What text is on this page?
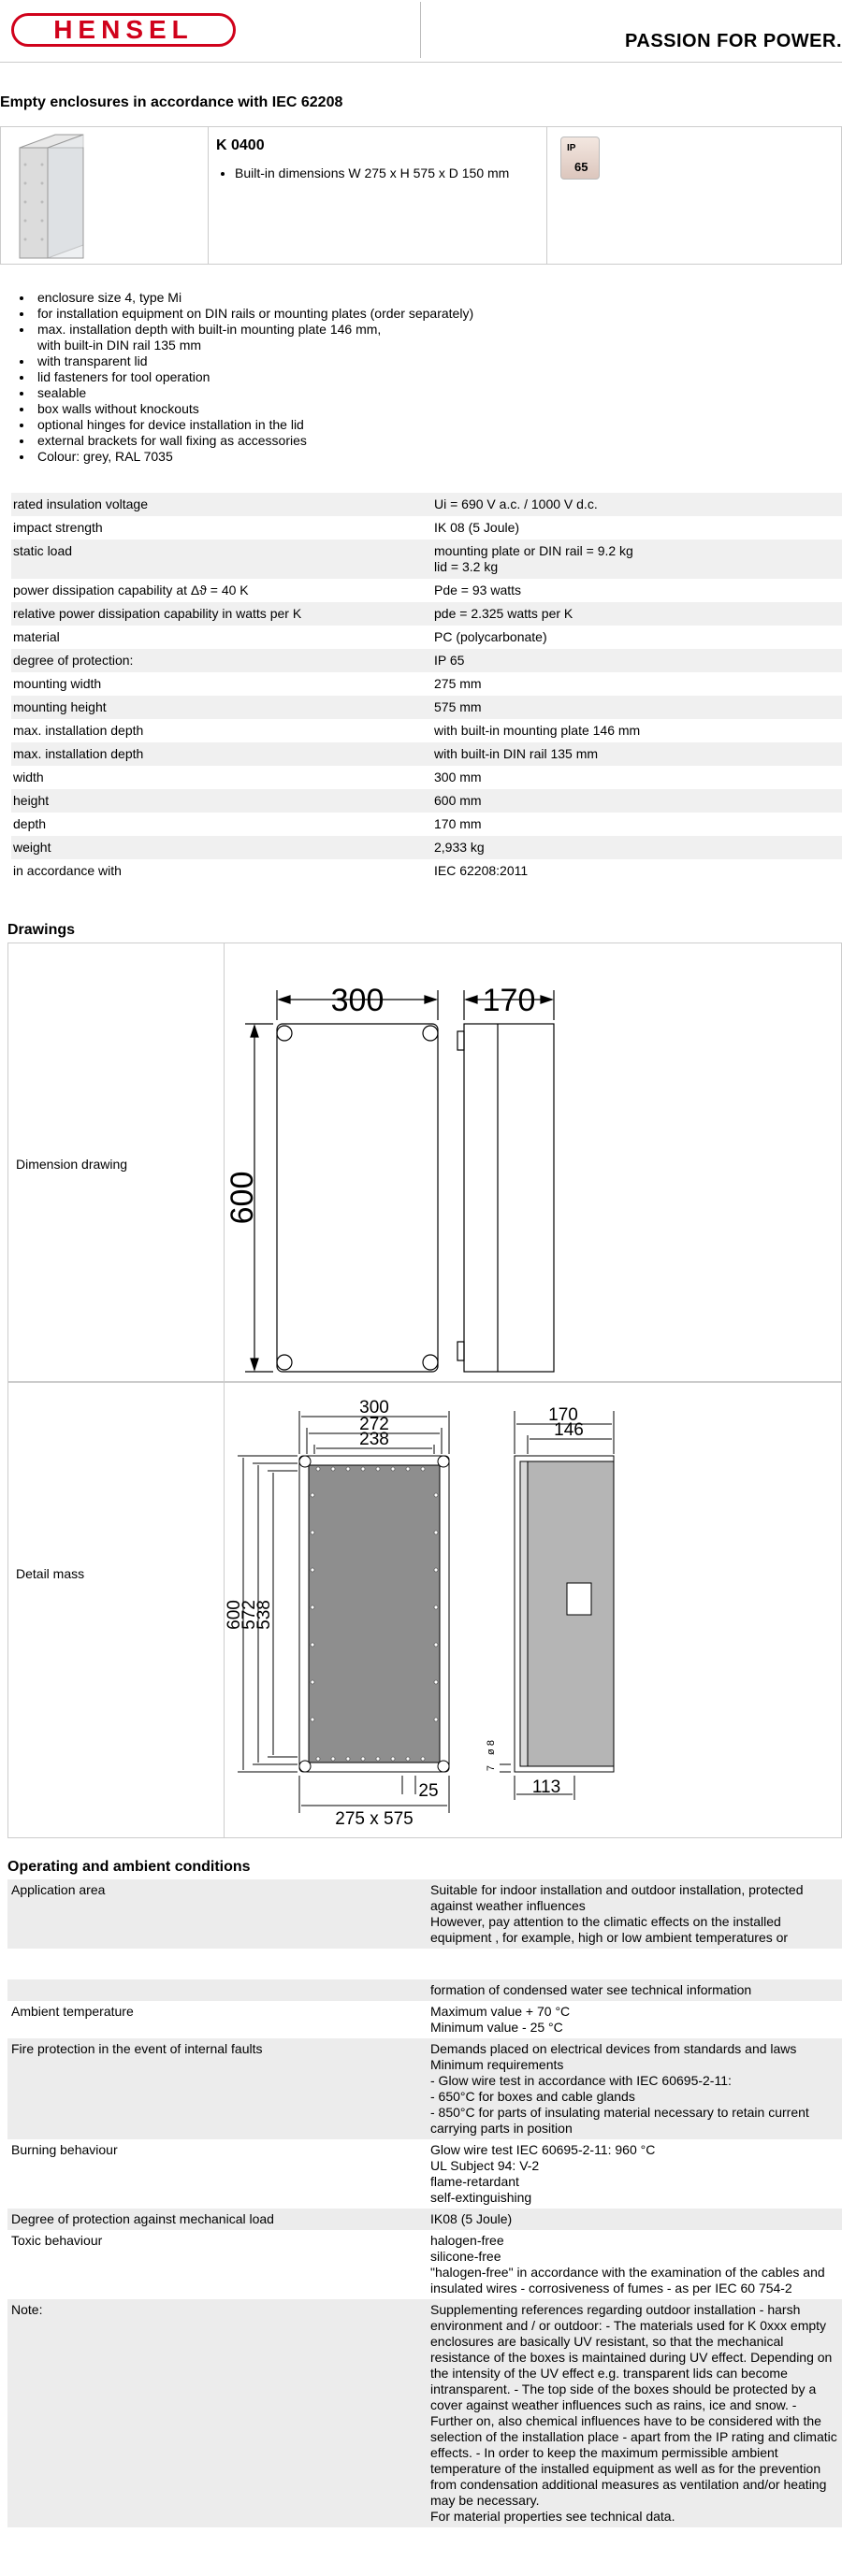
HENSEL	PASSION FOR POWER.
Empty enclosures in accordance with IEC 62208
K 0400
• Built-in dimensions W 275 x H 575 x D 150 mm
IP
65
• enclosure size 4, type Mi
• for installation equipment on DIN rails or mounting plates (order separately)
• max. installation depth with built-in mounting plate 146 mm,
with built-in DIN rail 135 mm
• with transparent lid
• lid fasteners for tool operation
• sealable
• box walls without knockouts
• optional hinges for device installation in the lid
• external brackets for wall fixing as accessories
• Colour: grey, RAL 7035
rated insulation voltage	Ui = 690 V a.c. / 1000 V d.c.
impact strength	IK 08 (5 Joule)
static load	mounting plate or DIN rail = 9.2 kg
lid = 3.2 kg
power dissipation capability at Δϑ = 40 K	Pde = 93 watts
relative power dissipation capability in watts per K	pde = 2.325 watts per K
material	PC (polycarbonate)
degree of protection:	IP 65
mounting width	275 mm
mounting height	575 mm
max. installation depth	with built-in mounting plate 146 mm
max. installation depth	with built-in DIN rail 135 mm
width	300 mm
height	600 mm
depth	170 mm
weight	2,933 kg
in accordance with	IEC 62208:2011
Drawings
Dimension drawing
300	170
600
Detail mass
300
272
238
170
146
600
572
538
25
275 x 575
113
7
ø 8
Operating and ambient conditions
Application area	Suitable for indoor installation and outdoor installation, protected against weather influences
However, pay attention to the climatic effects on the installed equipment , for example, high or low ambient temperatures or
	formation of condensed water see technical information
Ambient temperature	Maximum value + 70 °C
Minimum value - 25 °C
Fire protection in the event of internal faults	Demands placed on electrical devices from standards and laws
Minimum requirements
- Glow wire test in accordance with IEC 60695-2-11:
- 650°C for boxes and cable glands
- 850°C for parts of insulating material necessary to retain current carrying parts in position
Burning behaviour	Glow wire test IEC 60695-2-11: 960 °C
UL Subject 94: V-2
flame-retardant
self-extinguishing
Degree of protection against mechanical load	IK08 (5 Joule)
Toxic behaviour	halogen-free
silicone-free
"halogen-free" in accordance with the examination of the cables and insulated wires - corrosiveness of fumes - as per IEC 60 754-2
Note:	Supplementing references regarding outdoor installation - harsh environment and / or outdoor: - The materials used for K 0xxx empty enclosures are basically UV resistant, so that the mechanical resistance of the boxes is maintained during UV effect. Depending on the intensity of the UV effect e.g. transparent lids can become intransparent. - The top side of the boxes should be protected by a cover against weather influences such as rains, ice and snow. - Further on, also chemical influences have to be considered with the selection of the installation place - apart from the IP rating and climatic effects. - In order to keep the maximum permissible ambient temperature of the installed equipment as well as for the prevention from condensation additional measures as ventilation and/or heating may be necessary.
For material properties see technical data.
